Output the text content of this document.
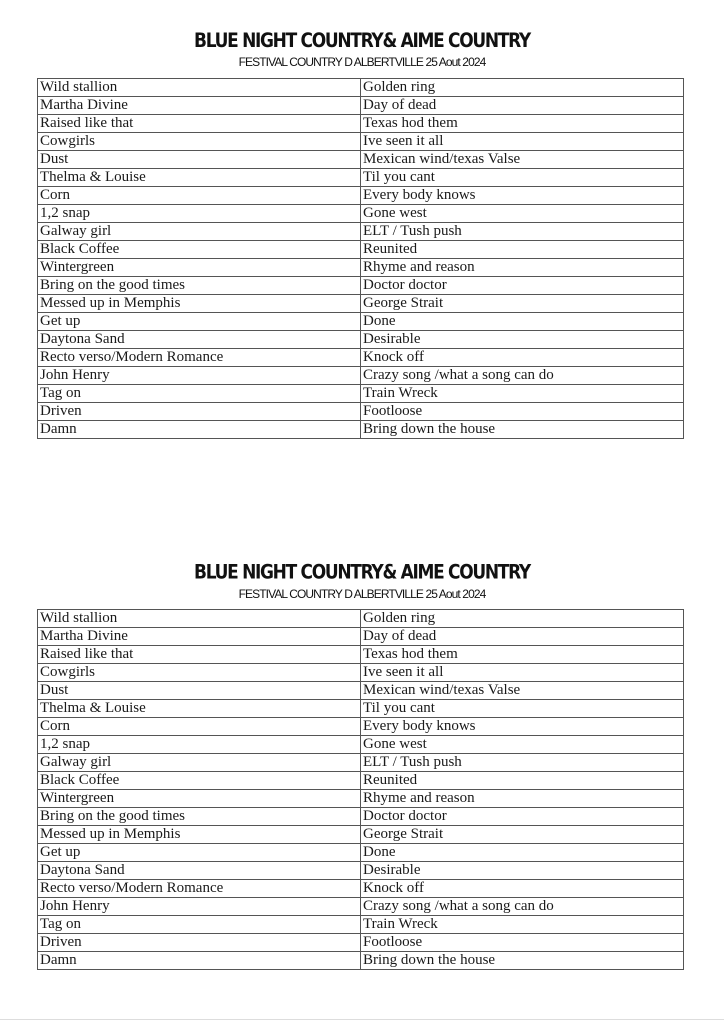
BLUE NIGHT COUNTRY& AIME COUNTRY

FESTIVAL COUNTRY D ALBERTVILLE 25 Aout 2024

Wild stallion	Golden ring
Martha Divine	Day of dead
Raised like that	Texas hod them
Cowgirls	Ive seen it all
Dust	Mexican wind/texas Valse
Thelma & Louise	Til you cant
Corn	Every body knows
1,2 snap	Gone west
Galway girl	ELT / Tush push
Black Coffee	Reunited
Wintergreen	Rhyme and reason
Bring on the good times	Doctor doctor
Messed up in Memphis	George Strait
Get up	Done
Daytona Sand	Desirable
Recto verso/Modern Romance	Knock off
John Henry	Crazy song /what a song can do
Tag on	Train Wreck
Driven	Footloose
Damn	Bring down the house
BLUE NIGHT COUNTRY& AIME COUNTRY

FESTIVAL COUNTRY D ALBERTVILLE 25 Aout 2024

Wild stallion	Golden ring
Martha Divine	Day of dead
Raised like that	Texas hod them
Cowgirls	Ive seen it all
Dust	Mexican wind/texas Valse
Thelma & Louise	Til you cant
Corn	Every body knows
1,2 snap	Gone west
Galway girl	ELT / Tush push
Black Coffee	Reunited
Wintergreen	Rhyme and reason
Bring on the good times	Doctor doctor
Messed up in Memphis	George Strait
Get up	Done
Daytona Sand	Desirable
Recto verso/Modern Romance	Knock off
John Henry	Crazy song /what a song can do
Tag on	Train Wreck
Driven	Footloose
Damn	Bring down the house
